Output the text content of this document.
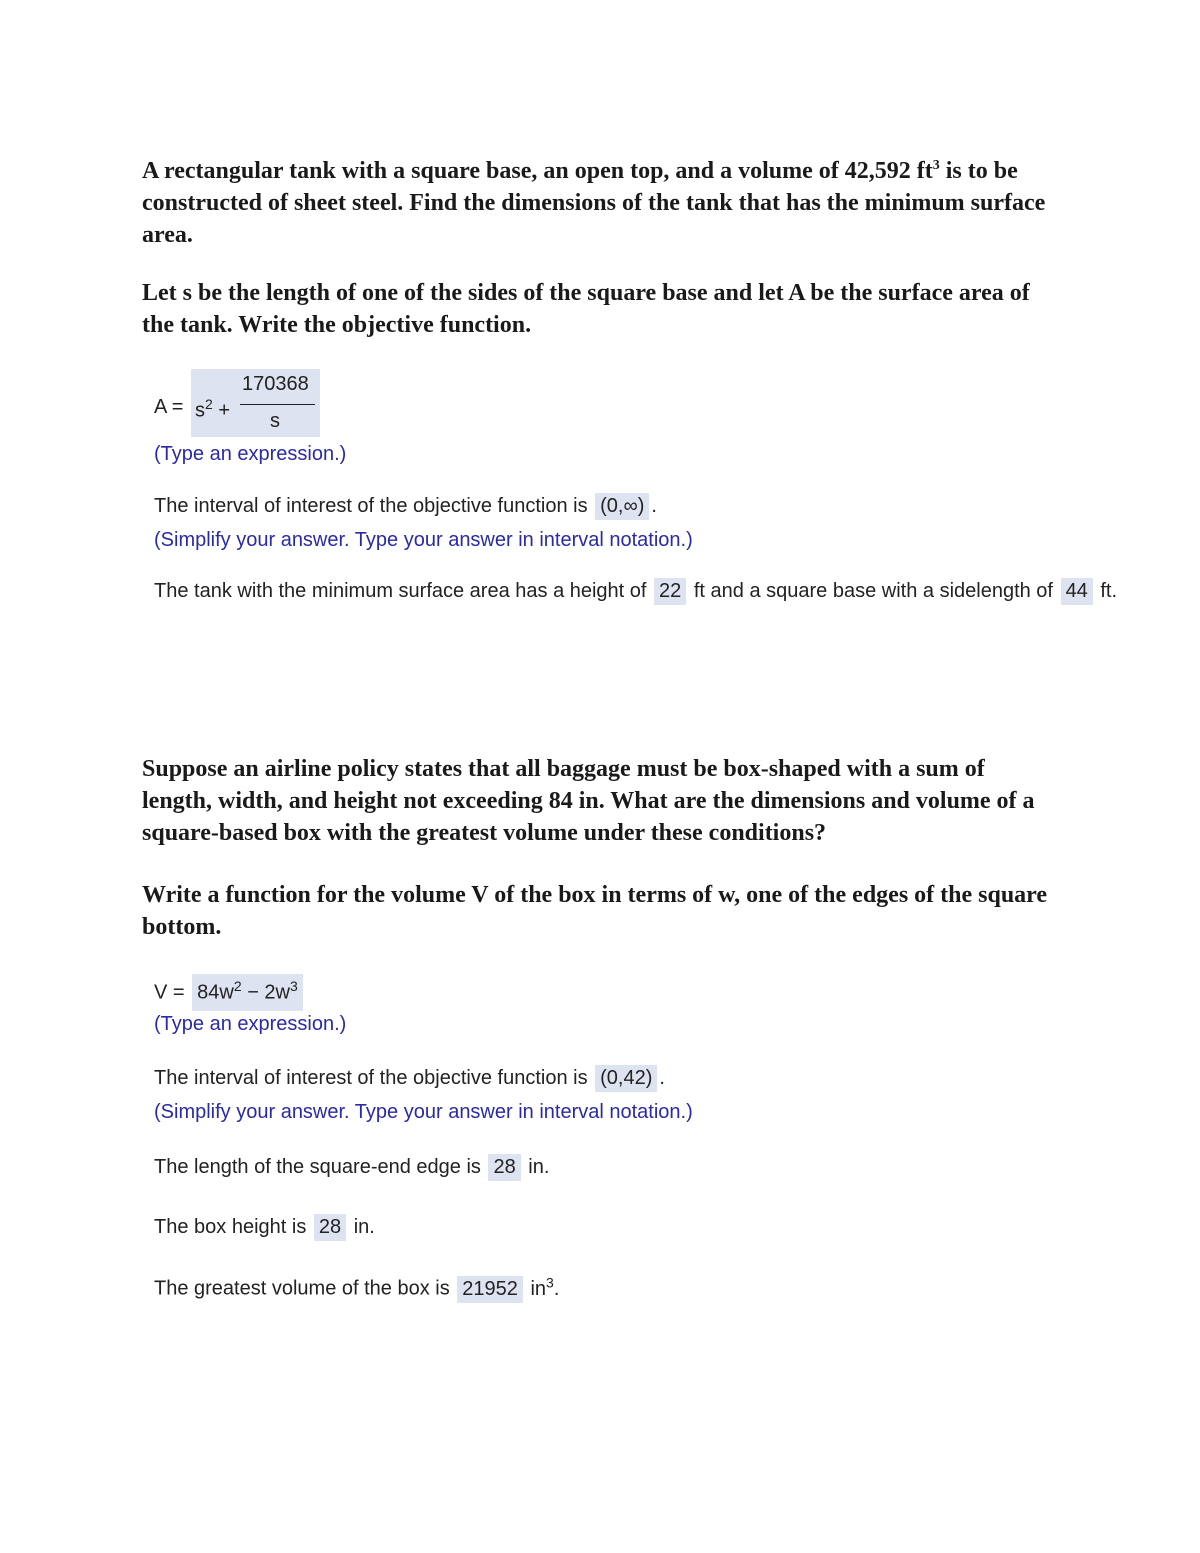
A rectangular tank with a square base, an open top, and a volume of 42,592 $ft^3$ is to be constructed of sheet steel. Find the dimensions of the tank that has the minimum surface area.

Let s be the length of one of the sides of the square base and let A be the surface area of the tank. Write the objective function.

$A = s^2$ +
170368
s
(Type an expression.)
The interval of interest of the objective function is (0,∞) .
(Simplify your answer. Type your answer in interval notation.)
The tank with the minimum surface area has a height of 22 ft and a square base with a sidelength of 44 ft.

Suppose an airline policy states that all baggage must be box-shaped with a sum of length, width, and height not exceeding 84 in. What are the dimensions and volume of a square-based box with the greatest volume under these conditions?

Write a function for the volume V of the box in terms of w, one of the edges of the square bottom.

$V = 84w^2 - 2w^3$
(Type an expression.)
The interval of interest of the objective function is (0,42) .
(Simplify your answer. Type your answer in interval notation.)
The length of the square-end edge is 28 in.
The box height is 28 in.
The greatest volume of the box is 21952 $in^3$.
